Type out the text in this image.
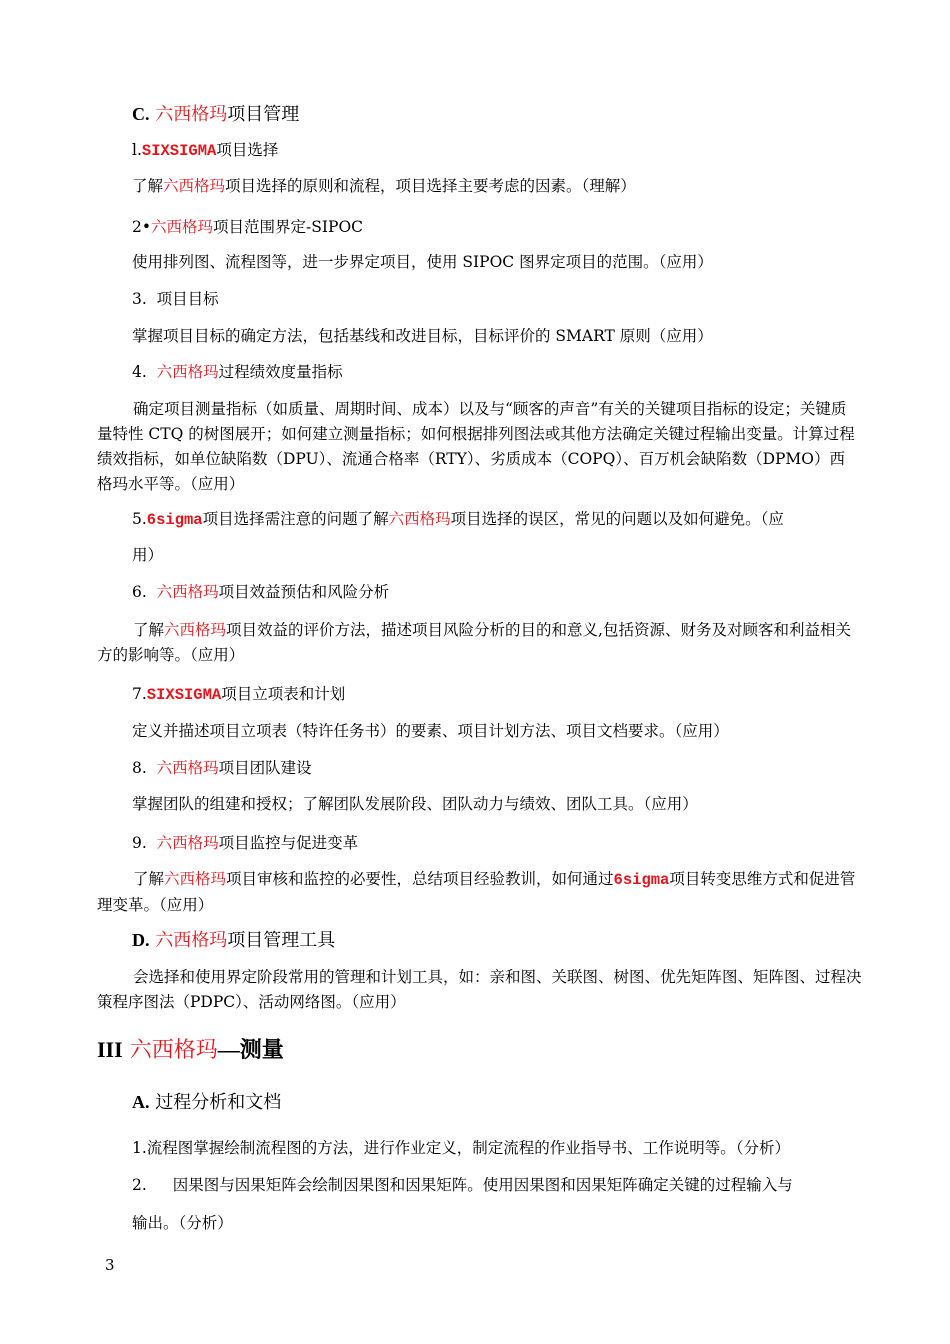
C. 六西格玛项目管理
l.SIXSIGMA项目选择
了解六西格玛项目选择的原则和流程，项目选择主要考虑的因素。（理解）
2•六西格玛项目范围界定-SIPOC
使用排列图、流程图等，进一步界定项目，使用 SIPOC 图界定项目的范围。（应用）
3. 项目目标
掌握项目目标的确定方法，包括基线和改进目标，目标评价的 SMART 原则（应用）
4. 六西格玛过程绩效度量指标
确定项目测量指标（如质量、周期时间、成本）以及与“顾客的声音”有关的关键项目指标的设定；关键质量特性 CTQ 的树图展开；如何建立测量指标；如何根据排列图法或其他方法确定关键过程输出变量。计算过程绩效指标，如单位缺陷数（DPU）、流通合格率（RTY）、劣质成本（COPQ）、百万机会缺陷数（DPMO）西格玛水平等。（应用）
5.6sigma项目选择需注意的问题了解六西格玛项目选择的误区，常见的问题以及如何避免。（应
用）
6. 六西格玛项目效益预估和风险分析
了解六西格玛项目效益的评价方法，描述项目风险分析的目的和意义,包括资源、财务及对顾客和利益相关方的影响等。（应用）
7.SIXSIGMA项目立项表和计划
定义并描述项目立项表（特许任务书）的要素、项目计划方法、项目文档要求。（应用）
8. 六西格玛项目团队建设
掌握团队的组建和授权；了解团队发展阶段、团队动力与绩效、团队工具。（应用）
9. 六西格玛项目监控与促进变革
了解六西格玛项目审核和监控的必要性，总结项目经验教训，如何通过6sigma项目转变思维方式和促进管理变革。（应用）
D. 六西格玛项目管理工具
会选择和使用界定阶段常用的管理和计划工具，如：亲和图、关联图、树图、优先矩阵图、矩阵图、过程决策程序图法（PDPC）、活动网络图。（应用）
III 六西格玛—测量
A. 过程分析和文档
1.流程图掌握绘制流程图的方法，进行作业定义，制定流程的作业指导书、工作说明等。（分析）
2. 因果图与因果矩阵会绘制因果图和因果矩阵。使用因果图和因果矩阵确定关键的过程输入与
输出。（分析）
3
